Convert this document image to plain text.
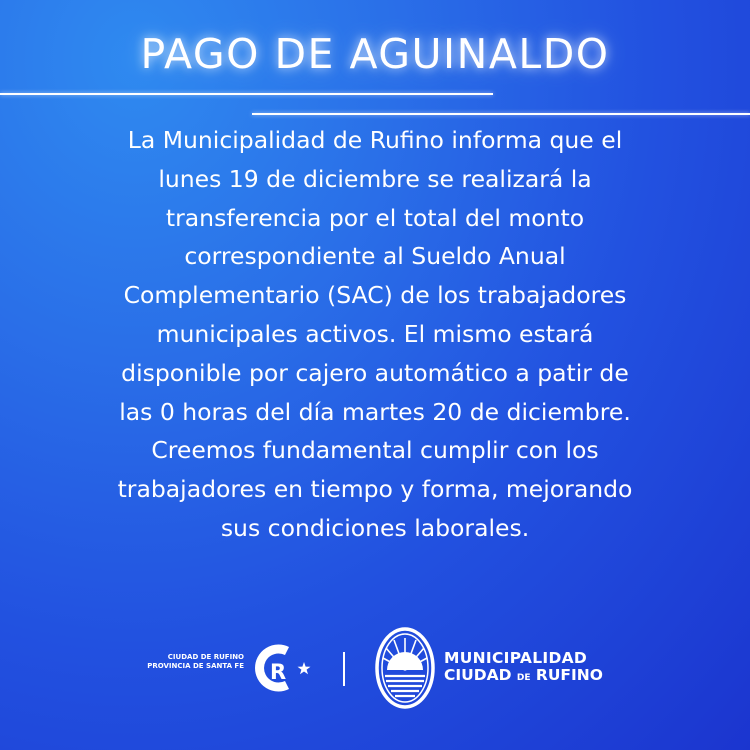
PAGO DE AGUINALDO
La Municipalidad de Rufino informa que el
lunes 19 de diciembre se realizará la
transferencia por el total del monto
correspondiente al Sueldo Anual
Complementario (SAC) de los trabajadores
municipales activos. El mismo estará
disponible por cajero automático a patir de
las 0 horas del día martes 20 de diciembre.
Creemos fundamental cumplir con los
trabajadores en tiempo y forma, mejorando
sus condiciones laborales.
CIUDAD DE RUFINO
PROVINCIA DE SANTA FE R
MUNICIPALIDAD
CIUDAD DE RUFINO
